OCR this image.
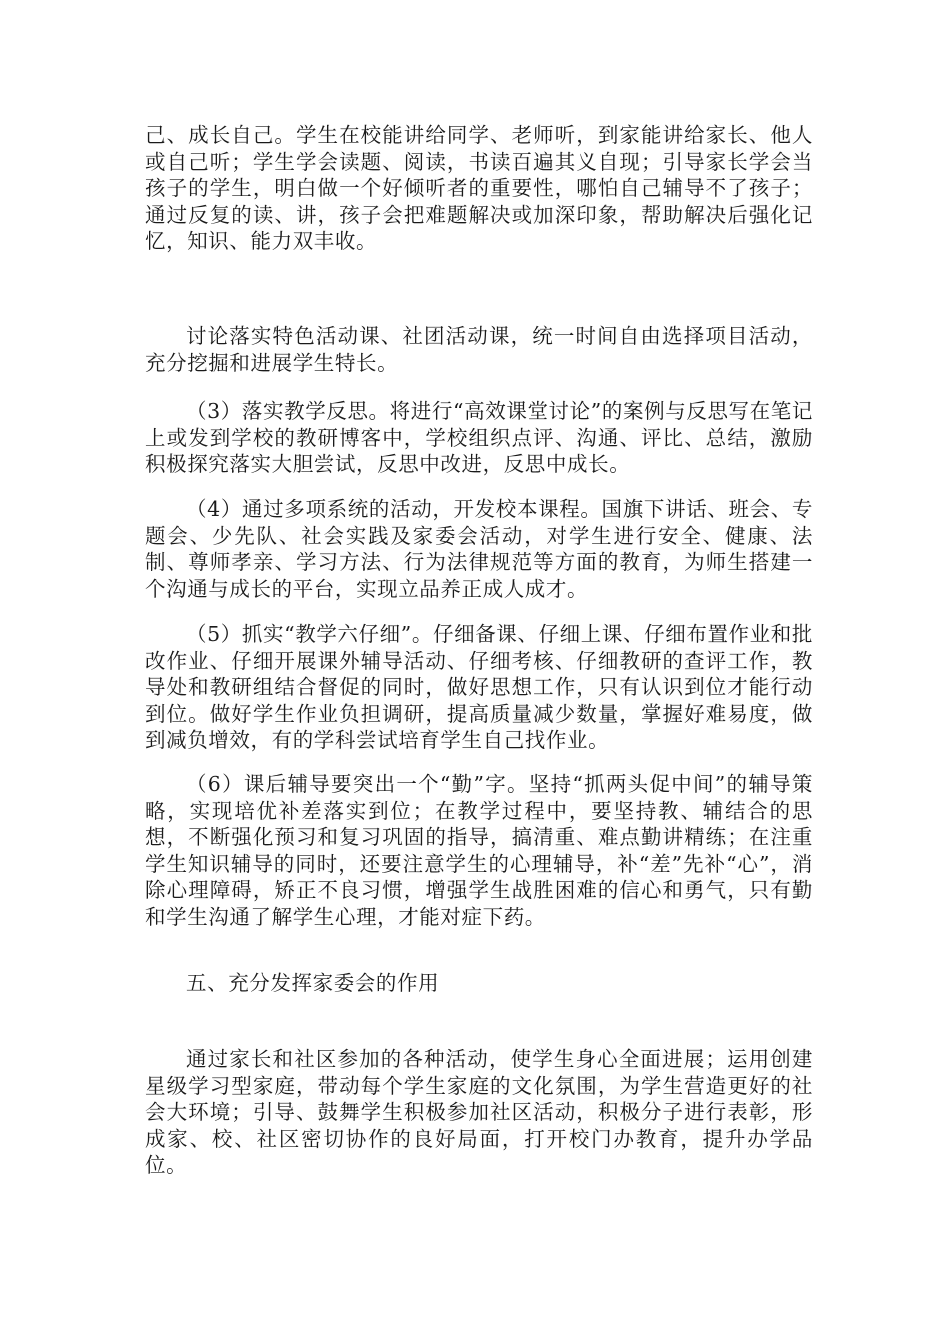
己、成长自己。学生在校能讲给同学、老师听，到家能讲给家长、他人或自己听；学生学会读题、阅读，书读百遍其义自现；引导家长学会当孩子的学生，明白做一个好倾听者的重要性，哪怕自己辅导不了孩子；通过反复的读、讲，孩子会把难题解决或加深印象，帮助解决后强化记忆，知识、能力双丰收。

讨论落实特色活动课、社团活动课，统一时间自由选择项目活动，充分挖掘和进展学生特长。

（3）落实教学反思。将进行“高效课堂讨论”的案例与反思写在笔记上或发到学校的教研博客中，学校组织点评、沟通、评比、总结，激励积极探究落实大胆尝试，反思中改进，反思中成长。

（4）通过多项系统的活动，开发校本课程。国旗下讲话、班会、专题会、少先队、社会实践及家委会活动，对学生进行安全、健康、法制、尊师孝亲、学习方法、行为法律规范等方面的教育，为师生搭建一个沟通与成长的平台，实现立品养正成人成才。

（5）抓实“教学六仔细”。仔细备课、仔细上课、仔细布置作业和批改作业、仔细开展课外辅导活动、仔细考核、仔细教研的查评工作，教导处和教研组结合督促的同时，做好思想工作，只有认识到位才能行动到位。做好学生作业负担调研，提高质量减少数量，掌握好难易度，做到减负增效，有的学科尝试培育学生自己找作业。

（6）课后辅导要突出一个“勤”字。坚持“抓两头促中间”的辅导策略，实现培优补差落实到位；在教学过程中，要坚持教、辅结合的思想，不断强化预习和复习巩固的指导，搞清重、难点勤讲精练；在注重学生知识辅导的同时，还要注意学生的心理辅导，补“差”先补“心”，消除心理障碍，矫正不良习惯，增强学生战胜困难的信心和勇气，只有勤和学生沟通了解学生心理，才能对症下药。

五、充分发挥家委会的作用

通过家长和社区参加的各种活动，使学生身心全面进展；运用创建星级学习型家庭，带动每个学生家庭的文化氛围，为学生营造更好的社会大环境；引导、鼓舞学生积极参加社区活动，积极分子进行表彰，形成家、校、社区密切协作的良好局面，打开校门办教育，提升办学品位。
